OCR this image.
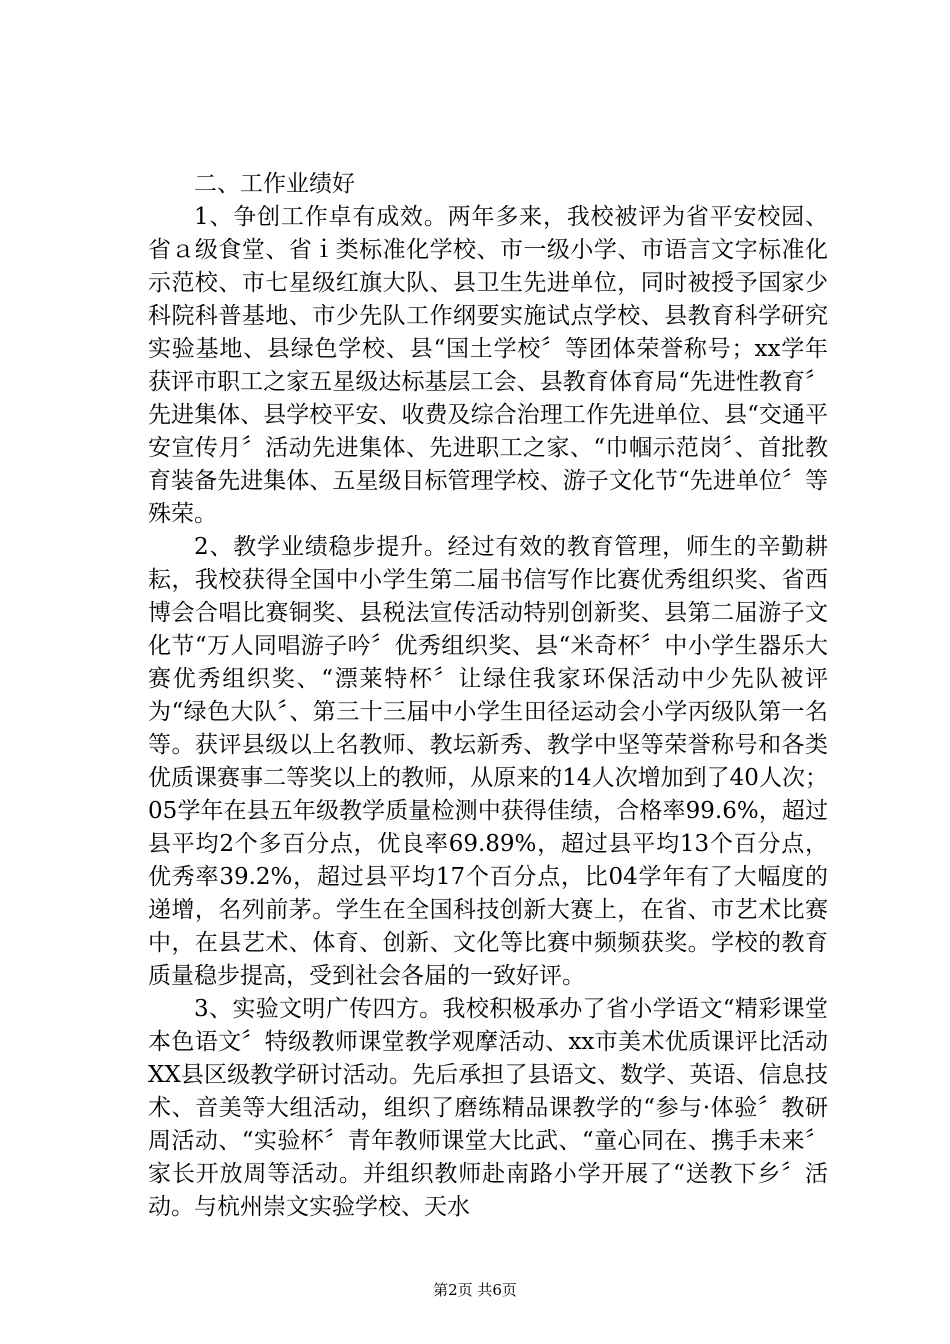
二、工作业绩好

1、争创工作卓有成效。两年多来，我校被评为省平安校园、省ａ级食堂、省ｉ类标准化学校、市一级小学、市语言文字标准化示范校、市七星级红旗大队、县卫生先进单位，同时被授予国家少科院科普基地、市少先队工作纲要实施试点学校、县教育科学研究实验基地、县绿色学校、县“国土学校〞等团体荣誉称号；xx学年获评市职工之家五星级达标基层工会、县教育体育局“先进性教育〞先进集体、县学校平安、收费及综合治理工作先进单位、县“交通平安宣传月〞活动先进集体、先进职工之家、“巾帼示范岗〞、首批教育装备先进集体、五星级目标管理学校、游子文化节“先进单位〞等殊荣。

2、教学业绩稳步提升。经过有效的教育管理，师生的辛勤耕耘，我校获得全国中小学生第二届书信写作比赛优秀组织奖、省西博会合唱比赛铜奖、县税法宣传活动特别创新奖、县第二届游子文化节“万人同唱游子吟〞优秀组织奖、县“米奇杯〞中小学生器乐大赛优秀组织奖、“漂莱特杯〞让绿住我家环保活动中少先队被评为“绿色大队〞、第三十三届中小学生田径运动会小学丙级队第一名等。获评县级以上名教师、教坛新秀、教学中坚等荣誉称号和各类优质课赛事二等奖以上的教师，从原来的14人次增加到了40人次；05学年在县五年级教学质量检测中获得佳绩，合格率99.6%，超过县平均2个多百分点，优良率69.89%，超过县平均13个百分点，优秀率39.2%，超过县平均17个百分点，比04学年有了大幅度的递增，名列前茅。学生在全国科技创新大赛上，在省、市艺术比赛中，在县艺术、体育、创新、文化等比赛中频频获奖。学校的教育质量稳步提高，受到社会各届的一致好评。

3、实验文明广传四方。我校积极承办了省小学语文“精彩课堂本色语文〞特级教师课堂教学观摩活动、xx市美术优质课评比活动XX县区级教学研讨活动。先后承担了县语文、数学、英语、信息技术、音美等大组活动，组织了磨练精品课教学的“参与·体验〞教研周活动、“实验杯〞青年教师课堂大比武、“童心同在、携手未来〞家长开放周等活动。并组织教师赴南路小学开展了“送教下乡〞活动。与杭州崇文实验学校、天水

第2页 共6页
